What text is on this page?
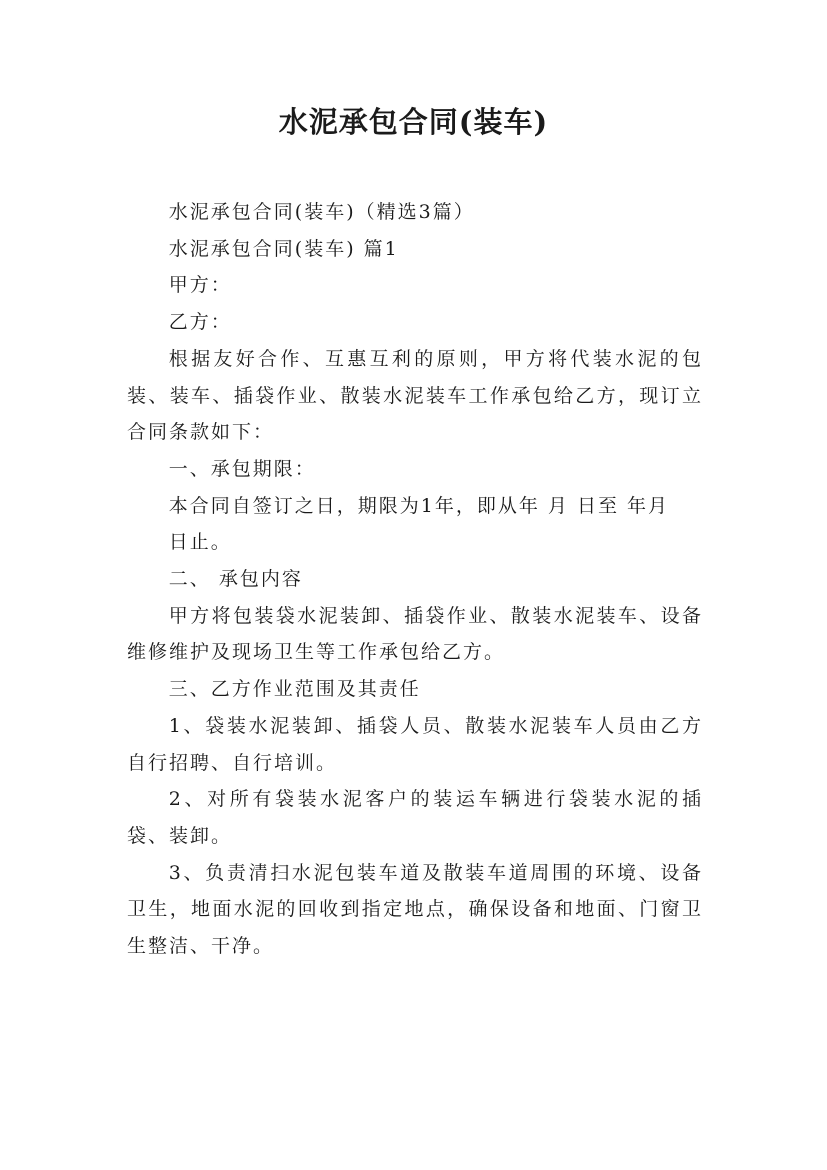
水泥承包合同(装车)

水泥承包合同(装车)（精选3篇）

水泥承包合同(装车) 篇1

甲方：

乙方：

根据友好合作、互惠互利的原则，甲方将代装水泥的包装、装车、插袋作业、散装水泥装车工作承包给乙方，现订立合同条款如下：

一、承包期限：

本合同自签订之日，期限为1年，即从年 月 日至 年月

日止。

二、 承包内容

甲方将包装袋水泥装卸、插袋作业、散装水泥装车、设备维修维护及现场卫生等工作承包给乙方。

三、乙方作业范围及其责任

1、袋装水泥装卸、插袋人员、散装水泥装车人员由乙方自行招聘、自行培训。

2、对所有袋装水泥客户的装运车辆进行袋装水泥的插袋、装卸。

3、负责清扫水泥包装车道及散装车道周围的环境、设备卫生，地面水泥的回收到指定地点，确保设备和地面、门窗卫生整洁、干净。
